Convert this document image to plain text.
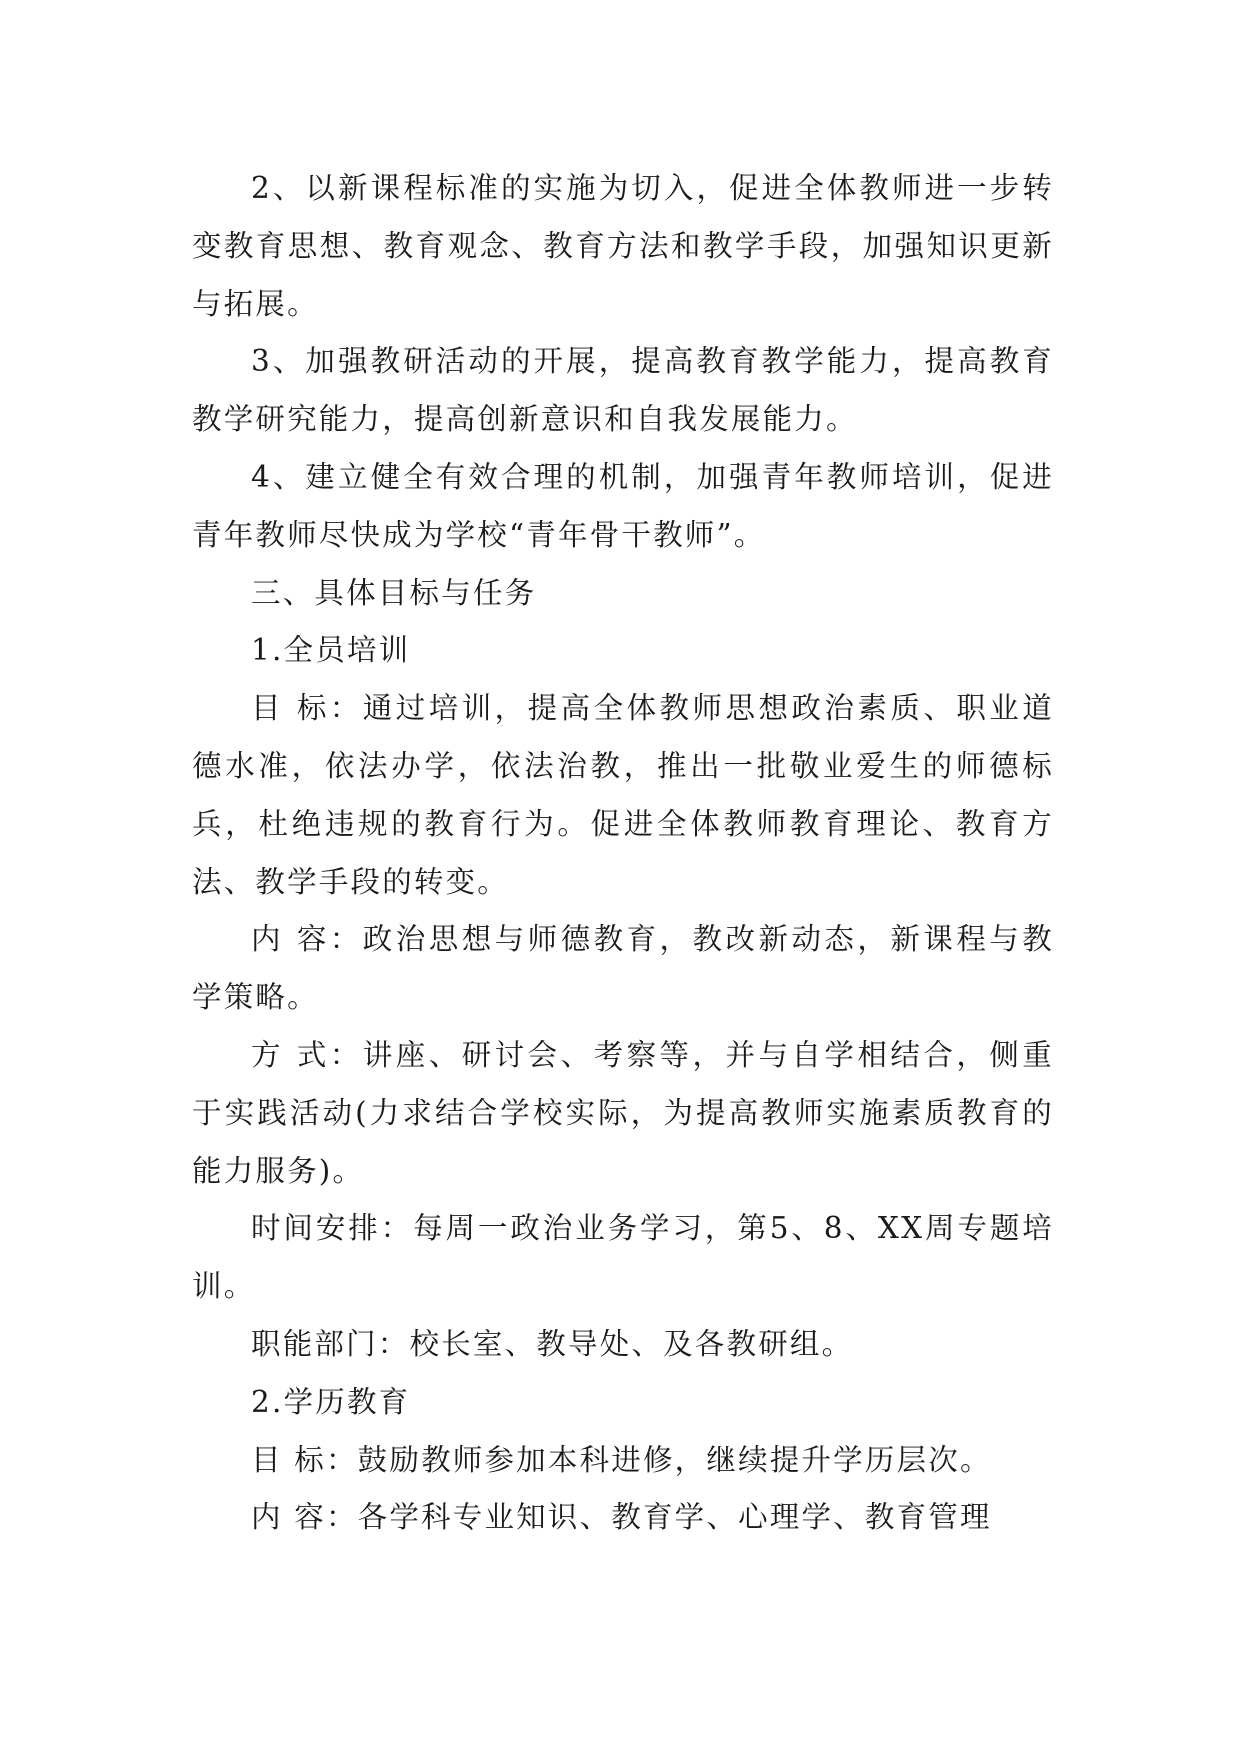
2、以新课程标准的实施为切入，促进全体教师进一步转变教育思想、教育观念、教育方法和教学手段，加强知识更新与拓展。

3、加强教研活动的开展，提高教育教学能力，提高教育教学研究能力，提高创新意识和自我发展能力。

4、建立健全有效合理的机制，加强青年教师培训，促进青年教师尽快成为学校“青年骨干教师”。

三、具体目标与任务

1.全员培训

目 标：通过培训，提高全体教师思想政治素质、职业道德水准，依法办学，依法治教，推出一批敬业爱生的师德标兵，杜绝违规的教育行为。促进全体教师教育理论、教育方法、教学手段的转变。

内 容：政治思想与师德教育，教改新动态，新课程与教学策略。

方 式：讲座、研讨会、考察等，并与自学相结合，侧重于实践活动(力求结合学校实际，为提高教师实施素质教育的能力服务)。

时间安排：每周一政治业务学习，第5、8、XX周专题培训。

职能部门：校长室、教导处、及各教研组。

2.学历教育

目 标：鼓励教师参加本科进修，继续提升学历层次。

内 容：各学科专业知识、教育学、心理学、教育管理
